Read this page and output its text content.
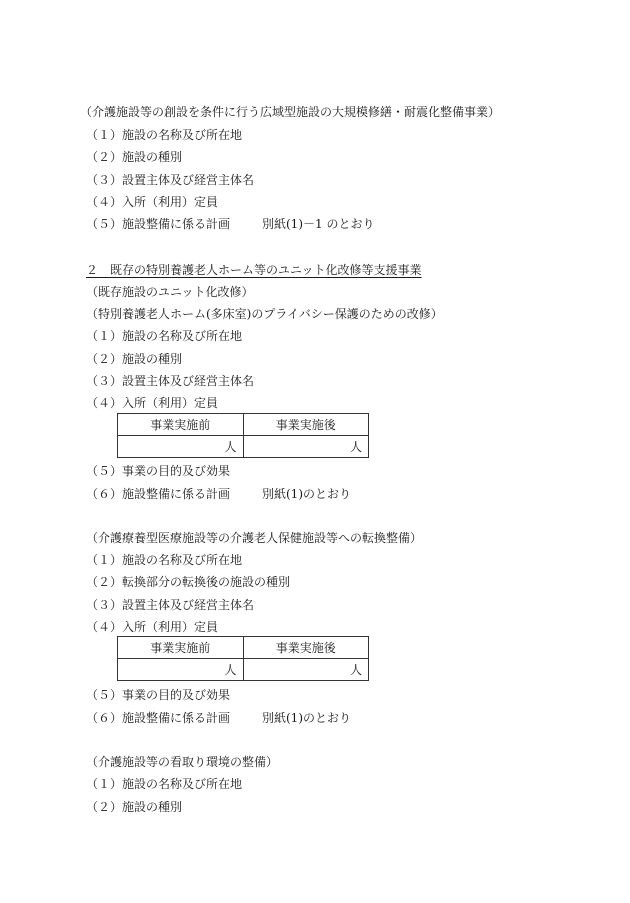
（介護施設等の創設を条件に行う広域型施設の大規模修繕・耐震化整備事業）
（１）施設の名称及び所在地
（２）施設の種別
（３）設置主体及び経営主体名
（４）入所（利用）定員
（５）施設整備に係る計画	別紙(1)－1 のとおり
２　既存の特別養護老人ホーム等のユニット化改修等支援事業
（既存施設のユニット化改修）
（特別養護老人ホーム(多床室)のプライバシー保護のための改修）
（１）施設の名称及び所在地
（２）施設の種別
（３）設置主体及び経営主体名
（４）入所（利用）定員
事業実施前	事業実施後
人	人
（５）事業の目的及び効果
（６）施設整備に係る計画	別紙(1)のとおり
（介護療養型医療施設等の介護老人保健施設等への転換整備）
（１）施設の名称及び所在地
（２）転換部分の転換後の施設の種別
（３）設置主体及び経営主体名
（４）入所（利用）定員
事業実施前	事業実施後
人	人
（５）事業の目的及び効果
（６）施設整備に係る計画	別紙(1)のとおり
（介護施設等の看取り環境の整備）
（１）施設の名称及び所在地
（２）施設の種別
